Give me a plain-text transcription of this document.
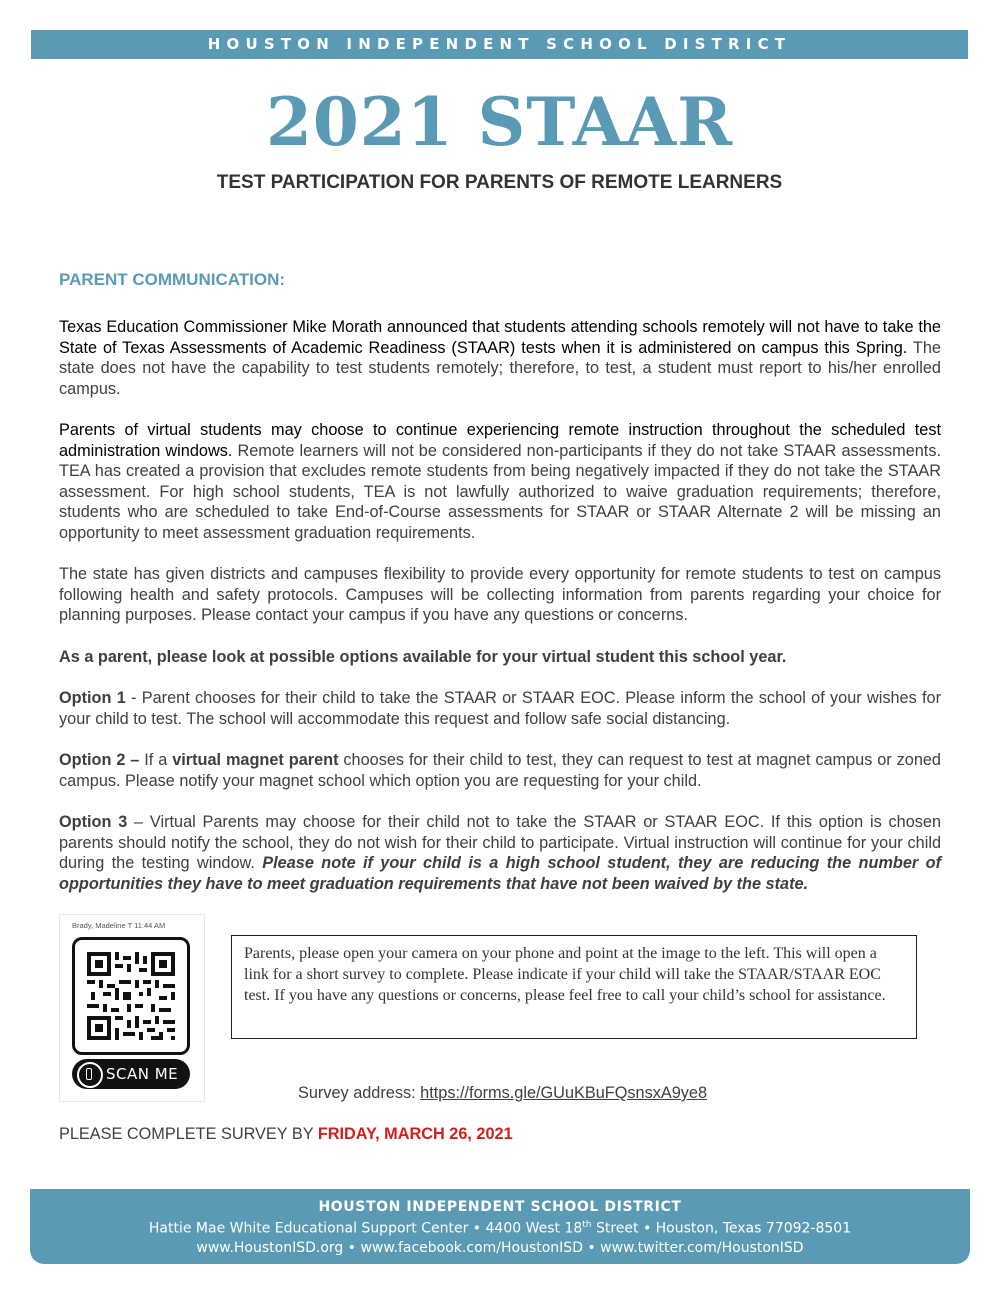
HOUSTON INDEPENDENT SCHOOL DISTRICT
2021 STAAR
TEST PARTICIPATION FOR PARENTS OF REMOTE LEARNERS
PARENT COMMUNICATION:
Texas Education Commissioner Mike Morath announced that students attending schools remotely will not have to take the State of Texas Assessments of Academic Readiness (STAAR) tests when it is administered on campus this Spring. The state does not have the capability to test students remotely; therefore, to test, a student must report to his/her enrolled campus.
Parents of virtual students may choose to continue experiencing remote instruction throughout the scheduled test administration windows. Remote learners will not be considered non-participants if they do not take STAAR assessments. TEA has created a provision that excludes remote students from being negatively impacted if they do not take the STAAR assessment. For high school students, TEA is not lawfully authorized to waive graduation requirements; therefore, students who are scheduled to take End-of-Course assessments for STAAR or STAAR Alternate 2 will be missing an opportunity to meet assessment graduation requirements.
The state has given districts and campuses flexibility to provide every opportunity for remote students to test on campus following health and safety protocols. Campuses will be collecting information from parents regarding your choice for planning purposes. Please contact your campus if you have any questions or concerns.
As a parent, please look at possible options available for your virtual student this school year.
Option 1 - Parent chooses for their child to take the STAAR or STAAR EOC. Please inform the school of your wishes for your child to test. The school will accommodate this request and follow safe social distancing.
Option 2 – If a virtual magnet parent chooses for their child to test, they can request to test at magnet campus or zoned campus. Please notify your magnet school which option you are requesting for your child.
Option 3 – Virtual Parents may choose for their child not to take the STAAR or STAAR EOC. If this option is chosen parents should notify the school, they do not wish for their child to participate. Virtual instruction will continue for your child during the testing window. Please note if your child is a high school student, they are reducing the number of opportunities they have to meet graduation requirements that have not been waived by the state.
Brady, Madeline T 11:44 AM
SCAN ME

Parents, please open your camera on your phone and point at the image to the left. This will open a link for a short survey to complete. Please indicate if your child will take the STAAR/STAAR EOC test. If you have any questions or concerns, please feel free to call your child’s school for assistance.

Survey address: https://forms.gle/GUuKBuFQsnsxA9ye8
PLEASE COMPLETE SURVEY BY FRIDAY, MARCH 26, 2021
HOUSTON INDEPENDENT SCHOOL DISTRICT
Hattie Mae White Educational Support Center • 4400 West 18th Street • Houston, Texas 77092-8501
www.HoustonISD.org • www.facebook.com/HoustonISD • www.twitter.com/HoustonISD
